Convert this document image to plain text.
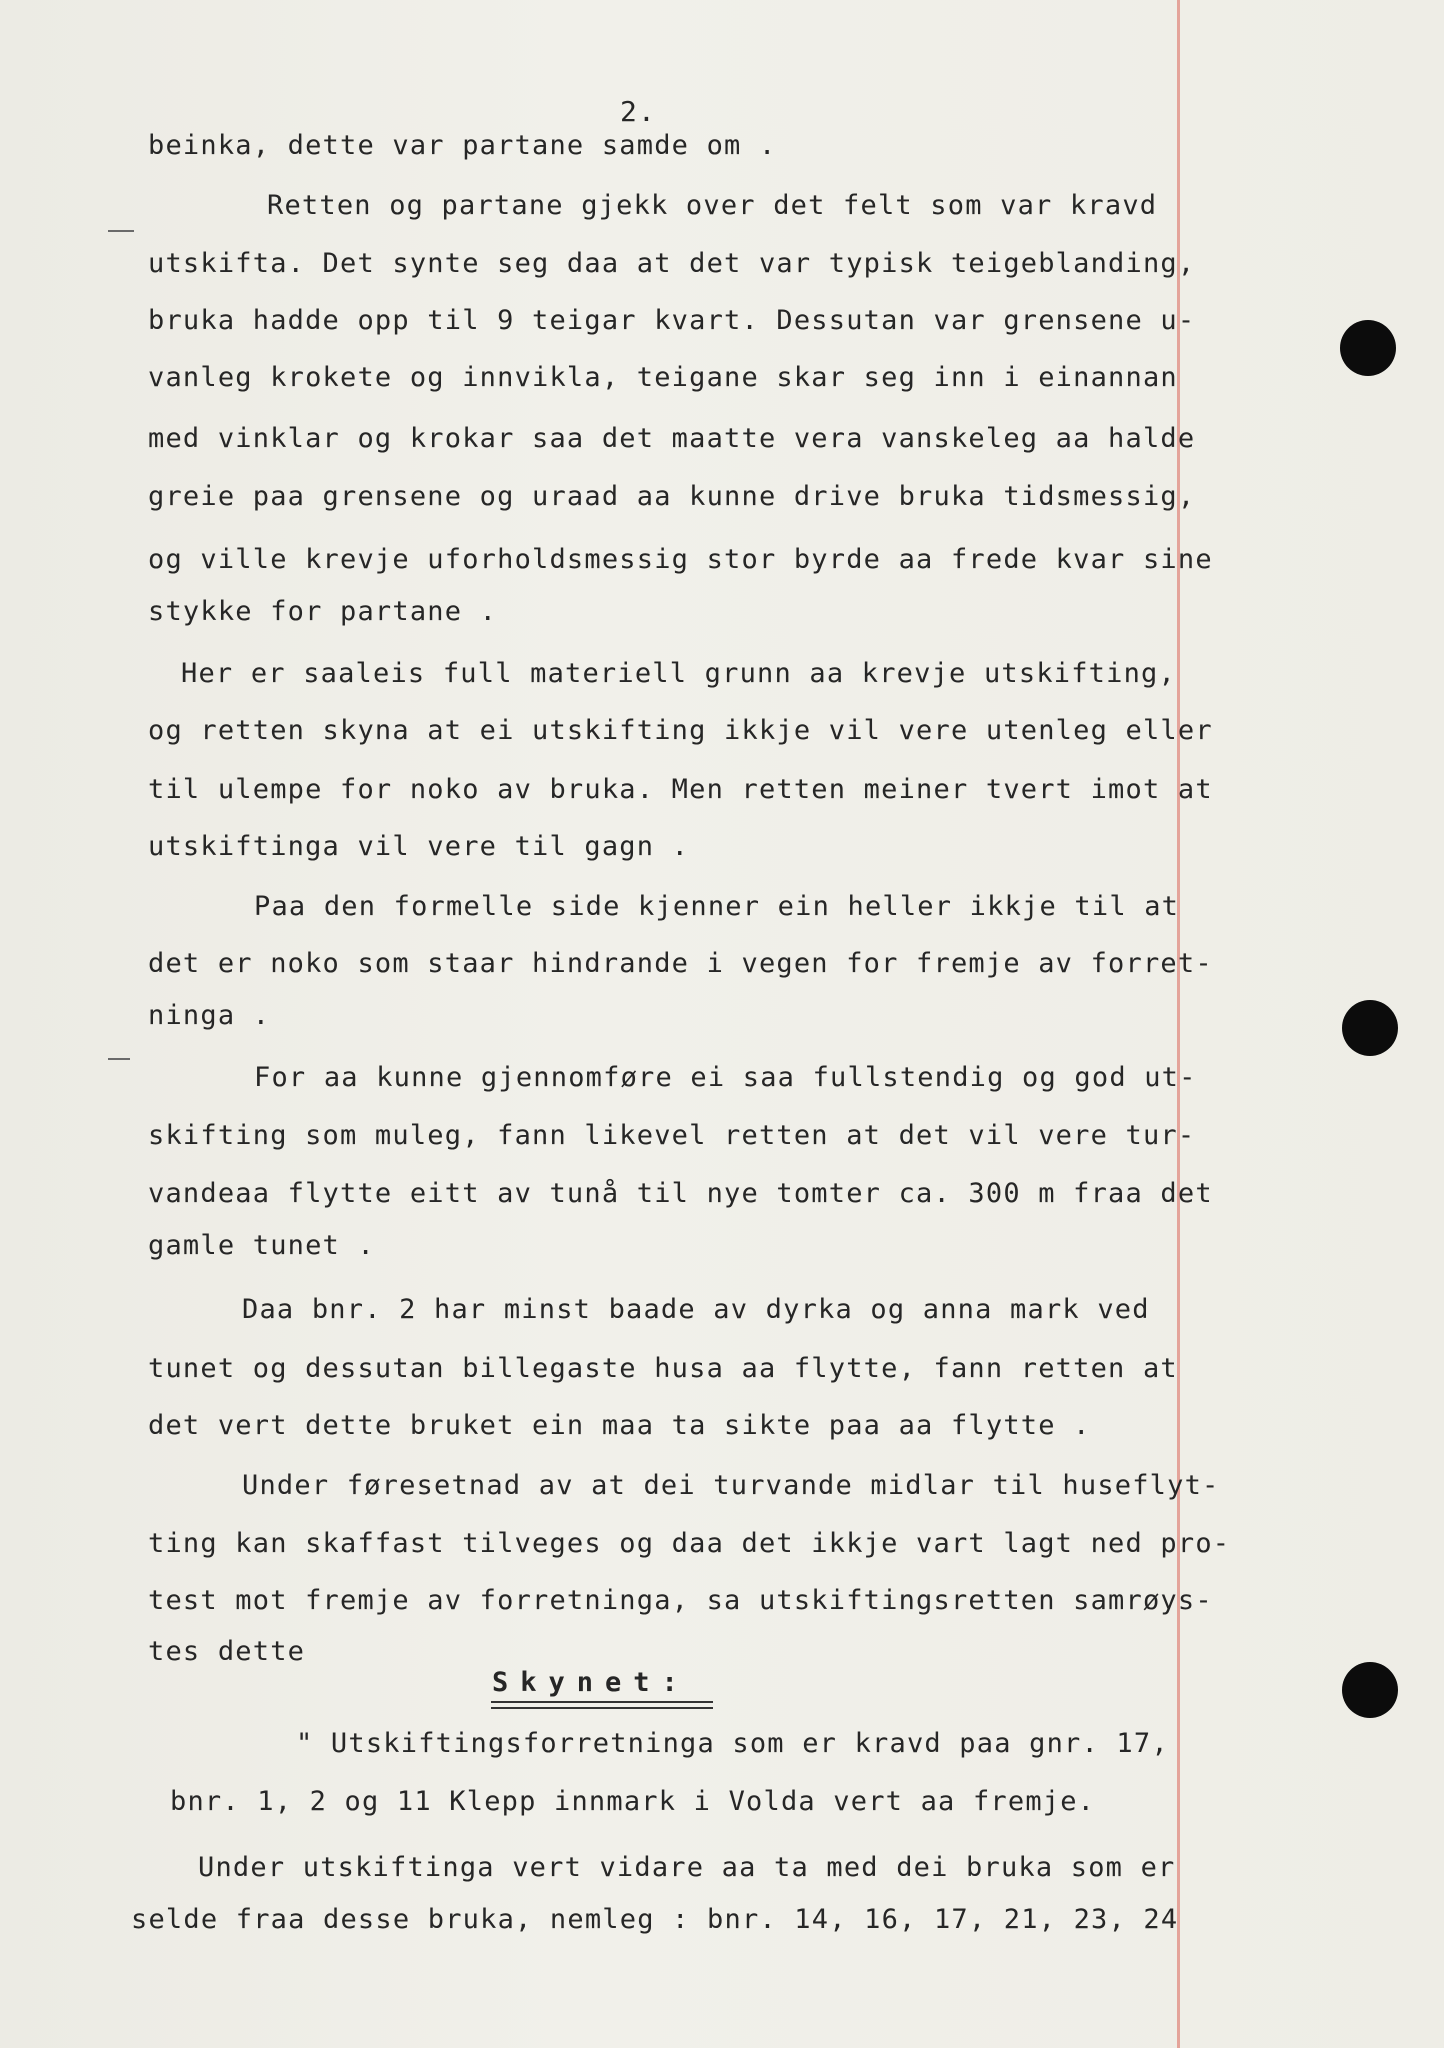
2.
beinka, dette var partane samde om .
Retten og partane gjekk over det felt som var kravd
utskifta. Det synte seg daa at det var typisk teigeblanding,
bruka hadde opp til 9 teigar kvart. Dessutan var grensene u-
vanleg krokete og innvikla, teigane skar seg inn i einannan
med vinklar og krokar saa det maatte vera vanskeleg aa halde
greie paa grensene og uraad aa kunne drive bruka tidsmessig,
og ville krevje uforholdsmessig stor byrde aa frede kvar sine
stykke for partane .
Her er saaleis full materiell grunn aa krevje utskifting,
og retten skyna at ei utskifting ikkje vil vere utenleg eller
til ulempe for noko av bruka. Men retten meiner tvert imot at
utskiftinga vil vere til gagn .
Paa den formelle side kjenner ein heller ikkje til at
det er noko som staar hindrande i vegen for fremje av forret-
ninga .
For aa kunne gjennomføre ei saa fullstendig og god ut-
skifting som muleg, fann likevel retten at det vil vere tur-
vandeaa flytte eitt av tunå til nye tomter ca. 300 m fraa det
gamle tunet .
Daa bnr. 2 har minst baade av dyrka og anna mark ved
tunet og dessutan billegaste husa aa flytte, fann retten at
det vert dette bruket ein maa ta sikte paa aa flytte .
Under føresetnad av at dei turvande midlar til huseflyt-
ting kan skaffast tilveges og daa det ikkje vart lagt ned pro-
test mot fremje av forretninga, sa utskiftingsretten samrøys-
tes dette
Skynet:
" Utskiftingsforretninga som er kravd paa gnr. 17,
bnr. 1, 2 og 11 Klepp innmark i Volda vert aa fremje.
Under utskiftinga vert vidare aa ta med dei bruka som er
selde fraa desse bruka, nemleg : bnr. 14, 16, 17, 21, 23, 24
